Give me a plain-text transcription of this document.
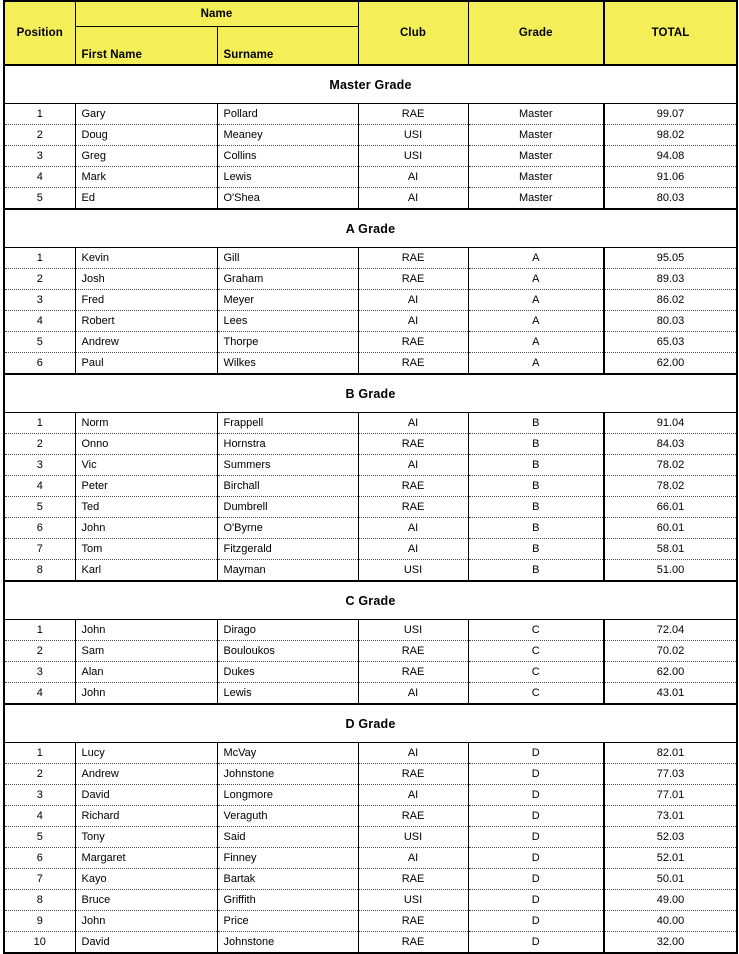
Position	Name		Club	Grade	TOTAL
	First Name	Surname			
Master Grade					
1	Gary	Pollard	RAE	Master	99.07
2	Doug	Meaney	USI	Master	98.02
3	Greg	Collins	USI	Master	94.08
4	Mark	Lewis	AI	Master	91.06
5	Ed	O'Shea	AI	Master	80.03

A Grade					
1	Kevin	Gill	RAE	A	95.05
2	Josh	Graham	RAE	A	89.03
3	Fred	Meyer	AI	A	86.02
4	Robert	Lees	AI	A	80.03
5	Andrew	Thorpe	RAE	A	65.03
6	Paul	Wilkes	RAE	A	62.00

B Grade					
1	Norm	Frappell	AI	B	91.04
2	Onno	Hornstra	RAE	B	84.03
3	Vic	Summers	AI	B	78.02
4	Peter	Birchall	RAE	B	78.02
5	Ted	Dumbrell	RAE	B	66.01
6	John	O'Byrne	AI	B	60.01
7	Tom	Fitzgerald	AI	B	58.01
8	Karl	Mayman	USI	B	51.00

C Grade					
1	John	Dirago	USI	C	72.04
2	Sam	Bouloukos	RAE	C	70.02
3	Alan	Dukes	RAE	C	62.00
4	John	Lewis	AI	C	43.01

D Grade					
1	Lucy	McVay	AI	D	82.01
2	Andrew	Johnstone	RAE	D	77.03
3	David	Longmore	AI	D	77.01
4	Richard	Veraguth	RAE	D	73.01
5	Tony	Said	USI	D	52.03
6	Margaret	Finney	AI	D	52.01
7	Kayo	Bartak	RAE	D	50.01
8	Bruce	Griffith	USI	D	49.00
9	John	Price	RAE	D	40.00
10	David	Johnstone	RAE	D	32.00
